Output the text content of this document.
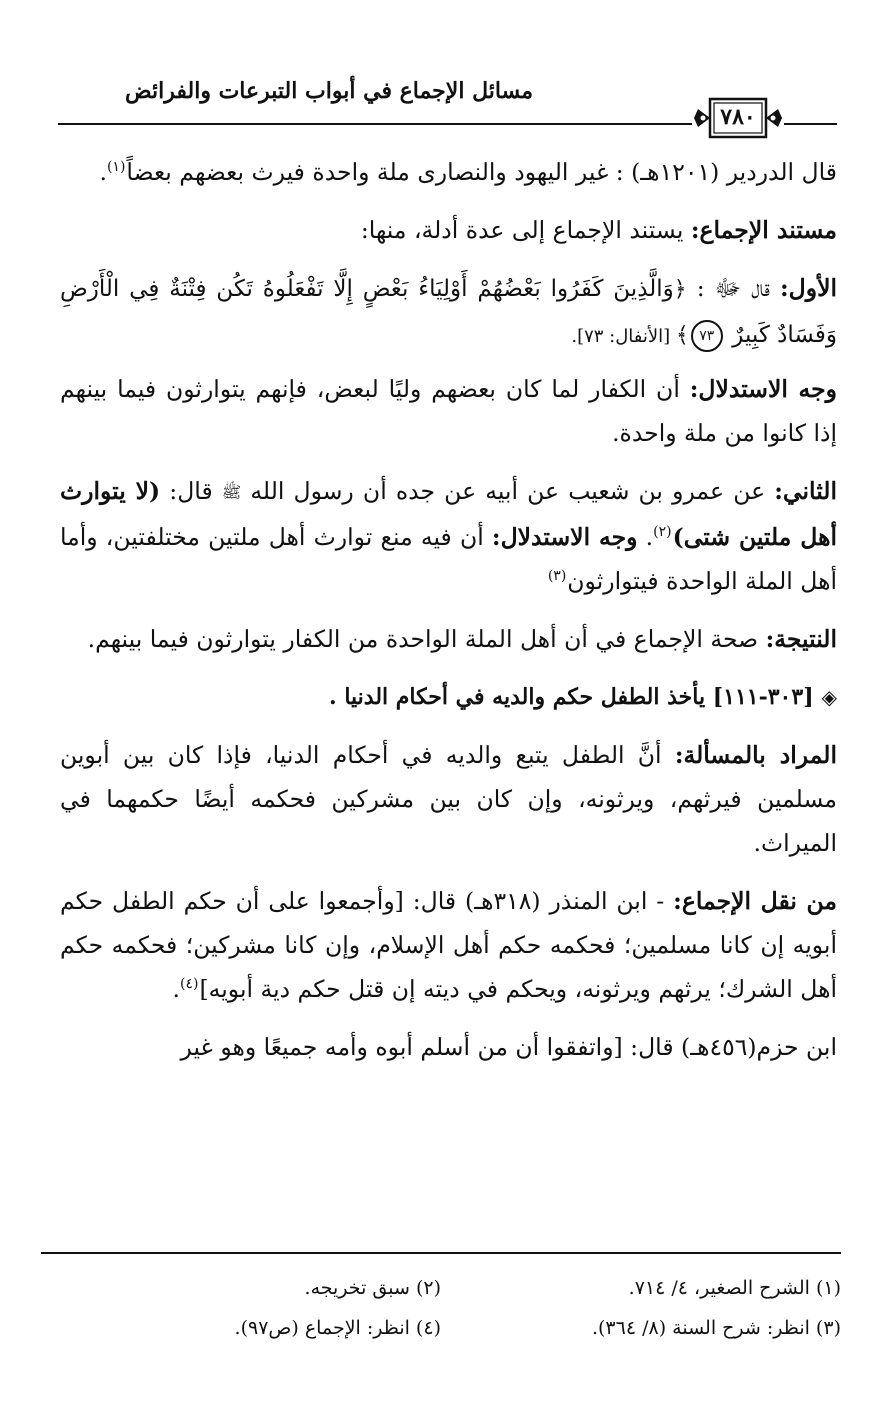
مسائل الإجماع في أبواب التبرعات والفرائض
٧٨٠

قال الدردير (١٢٠١هـ) : غير اليهود والنصارى ملة واحدة فيرث بعضهم بعضاً$^{(١)}$.

مستند الإجماع: يستند الإجماع إلى عدة أدلة، منها:

الأول: قال ﷻ : ﴿وَالَّذِينَ كَفَرُوا بَعْضُهُمْ أَوْلِيَاءُ بَعْضٍ إِلَّا تَفْعَلُوهُ تَكُن فِتْنَةٌ فِي الْأَرْضِ وَفَسَادٌ كَبِيرٌ ٧٣﴾ [الأنفال: ٧٣].

وجه الاستدلال: أن الكفار لما كان بعضهم وليًا لبعض، فإنهم يتوارثون فيما بينهم إذا كانوا من ملة واحدة.

الثاني: عن عمرو بن شعيب عن أبيه عن جده أن رسول الله ﷺ قال: (لا يتوارث أهل ملتين شتى)$^{(٢)}$. وجه الاستدلال: أن فيه منع توارث أهل ملتين مختلفتين، وأما أهل الملة الواحدة فيتوارثون$^{(٣)}$

النتيجة: صحة الإجماع في أن أهل الملة الواحدة من الكفار يتوارثون فيما بينهم.

◈[٣٠٣-١١١] يأخذ الطفل حكم والديه في أحكام الدنيا .

المراد بالمسألة: أنَّ الطفل يتبع والديه في أحكام الدنيا، فإذا كان بين أبوين مسلمين فيرثهم، ويرثونه، وإن كان بين مشركين فحكمه أيضًا حكمهما في الميراث.

من نقل الإجماع: - ابن المنذر (٣١٨هـ) قال: [وأجمعوا على أن حكم الطفل حكم أبويه إن كانا مسلمين؛ فحكمه حكم أهل الإسلام، وإن كانا مشركين؛ فحكمه حكم أهل الشرك؛ يرثهم ويرثونه، ويحكم في ديته إن قتل حكم دية أبويه]$^{(٤)}$.

ابن حزم(٤٥٦هـ) قال: [واتفقوا أن من أسلم أبوه وأمه جميعًا وهو غير

(١) الشرح الصغير، ٤/ ٧١٤.
(٢) سبق تخريجه.
(٣) انظر: شرح السنة (٨/ ٣٦٤).
(٤) انظر: الإجماع (ص٩٧).
